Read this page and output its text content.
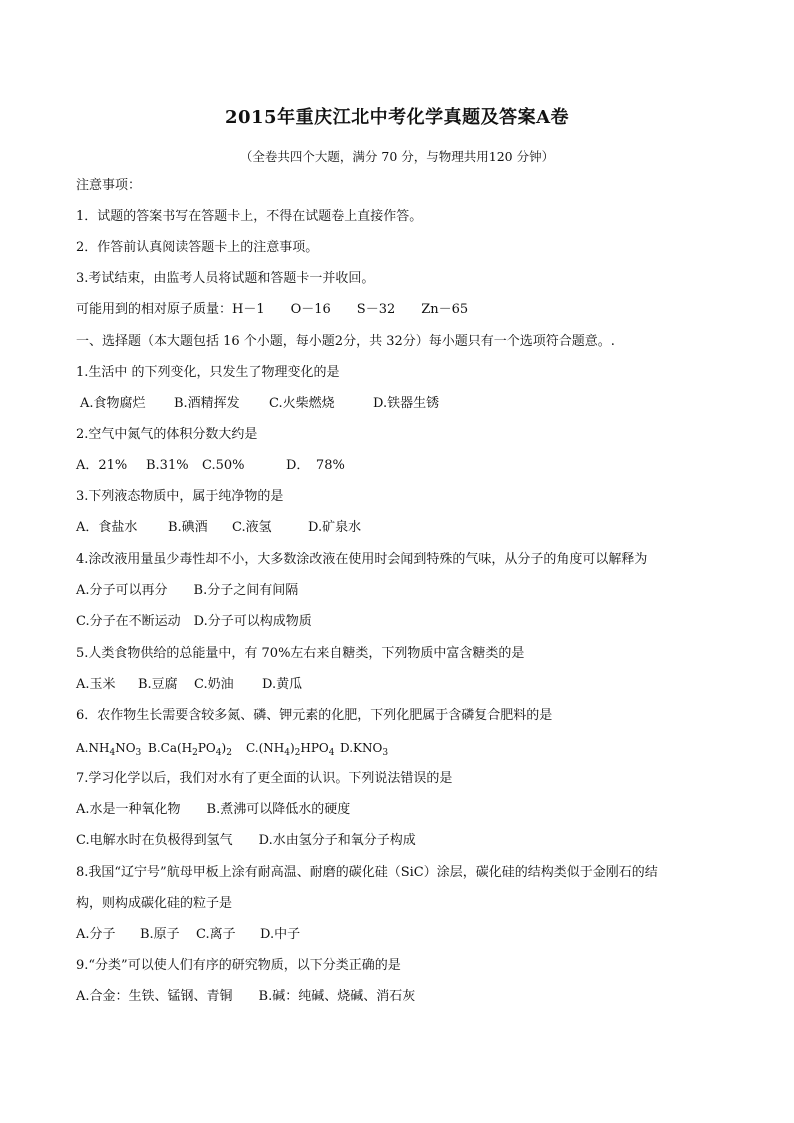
2015年重庆江北中考化学真题及答案A卷
（全卷共四个大题，满分 70 分，与物理共用120 分钟）
注意事项：
1．试题的答案书写在答题卡上，不得在试题卷上直接作答。
2．作答前认真阅读答题卡上的注意事项。
3.考试结束，由监考人员将试题和答题卡一并收回。
可能用到的相对原子质量：H－1　　O－16　　S－32　　Zn－65
一、选择题（本大题包括 16 个小题，每小题2分，共 32分）每小题只有一个选项符合题意。.
1.生活中 的下列变化，只发生了物理变化的是
A.食物腐烂 B.酒精挥发 C.火柴燃烧	D.铁器生锈
2.空气中氮气的体积分数大约是
A．21% B.31% C.50%	D．　78%
3.下列液态物质中，属于纯净物的是
A．食盐水 B.碘酒 C.液氢	D.矿泉水
4.涂改液用量虽少毒性却不小，大多数涂改液在使用时会闻到特殊的气味，从分子的角度可以解释为
A.分子可以再分　　B.分子之间有间隔
C.分子在不断运动　D.分子可以构成物质
5.人类食物供给的总能量中，有 70%左右来自糖类，下列物质中富含糖类的是
A.玉米 B.豆腐 C.奶油 D.黄瓜
6．农作物生长需要含较多氮、磷、钾元素的化肥，下列化肥属于含磷复合肥料的是
$A.NH_4NO_3$ $B.Ca(H_2PO_4)_2$ $C.(NH_4)_2HPO_4$ $D.KNO_3$
7.学习化学以后，我们对水有了更全面的认识。下列说法错误的是
A.水是一种氧化物　　B.煮沸可以降低水的硬度
C.电解水时在负极得到氢气　　D.水由氢分子和氧分子构成
8.我国“辽宁号”航母甲板上涂有耐高温、耐磨的碳化硅（SiC）涂层，碳化硅的结构类似于金刚石的结
构，则构成碳化硅的粒子是
A.分子 B.原子 C.离子 D.中子
9.“分类”可以使人们有序的研究物质，以下分类正确的是
A.合金：生铁、锰钢、青铜　　B.碱：纯碱、烧碱、消石灰
